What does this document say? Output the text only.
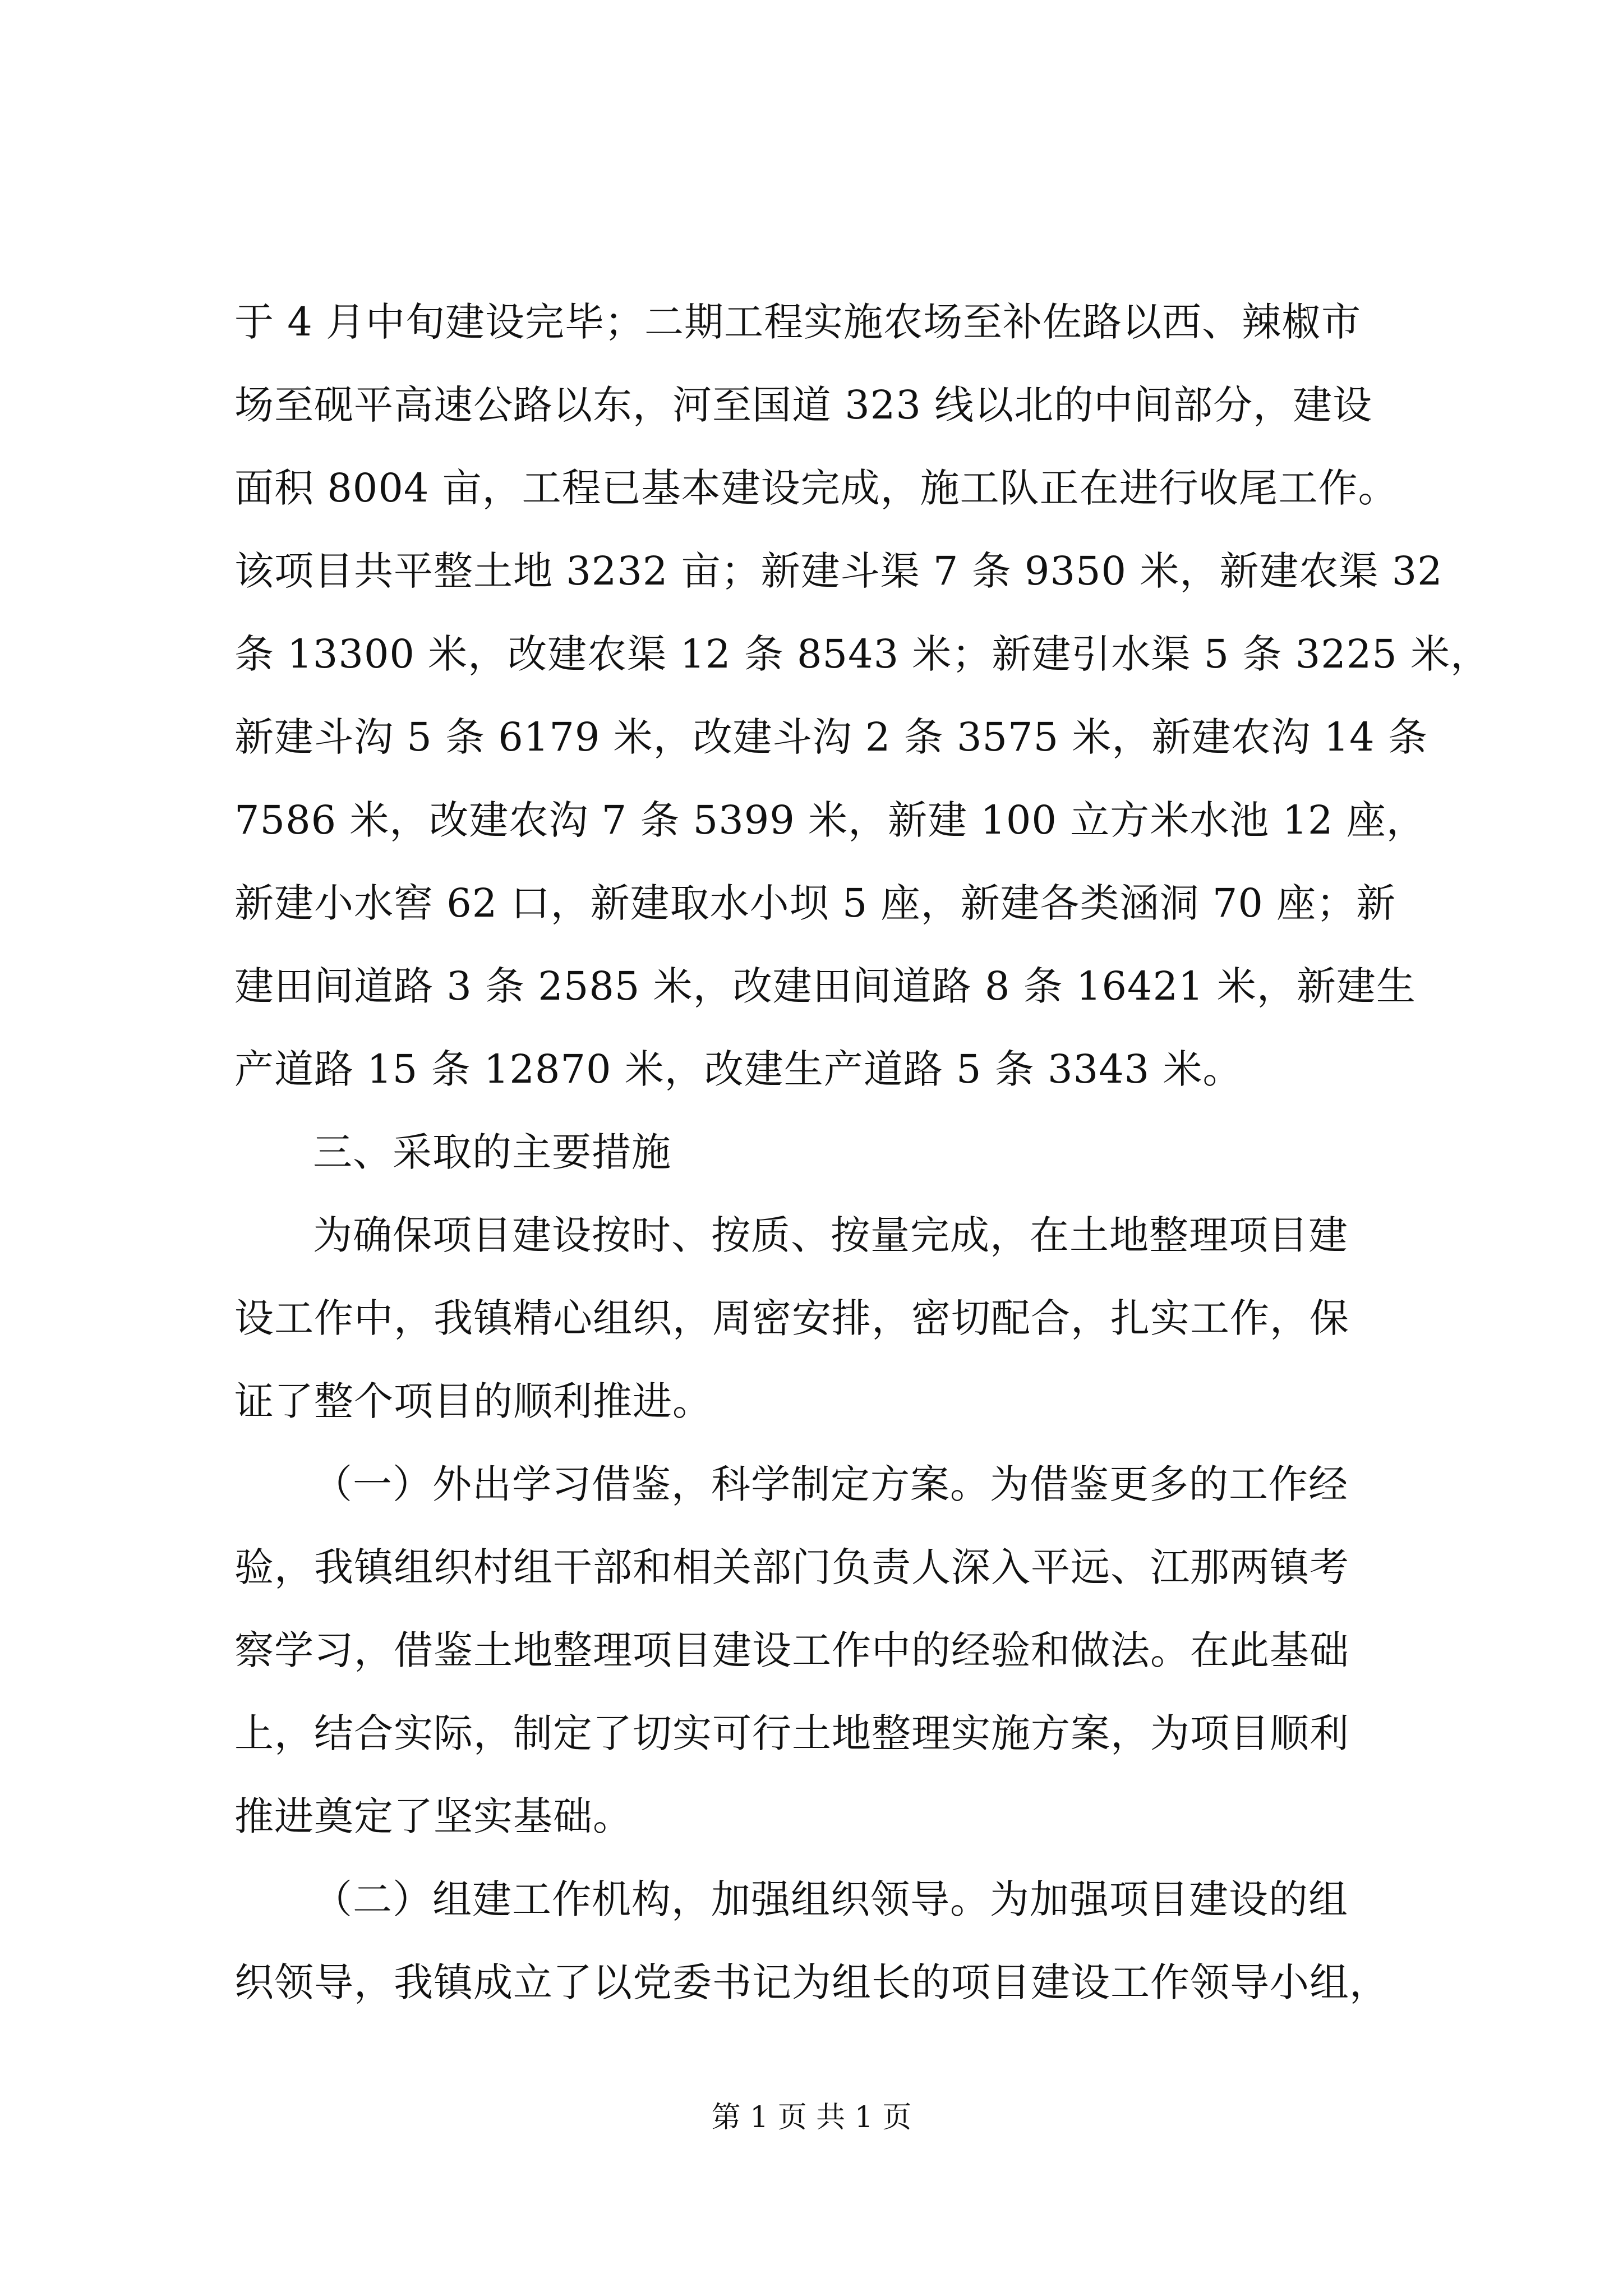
于 4 月中旬建设完毕；二期工程实施农场至补佐路以西、辣椒市
场至砚平高速公路以东，河至国道 323 线以北的中间部分，建设
面积 8004 亩，工程已基本建设完成，施工队正在进行收尾工作。
该项目共平整土地 3232 亩；新建斗渠 7 条 9350 米，新建农渠 32
条 13300 米，改建农渠 12 条 8543 米；新建引水渠 5 条 3225 米，
新建斗沟 5 条 6179 米，改建斗沟 2 条 3575 米，新建农沟 14 条
7586 米，改建农沟 7 条 5399 米，新建 100 立方米水池 12 座，
新建小水窖 62 口，新建取水小坝 5 座，新建各类涵洞 70 座；新
建田间道路 3 条 2585 米，改建田间道路 8 条 16421 米，新建生
产道路 15 条 12870 米，改建生产道路 5 条 3343 米。
三、采取的主要措施
为确保项目建设按时、按质、按量完成，在土地整理项目建
设工作中，我镇精心组织，周密安排，密切配合，扎实工作，保
证了整个项目的顺利推进。
（一）外出学习借鉴，科学制定方案。为借鉴更多的工作经
验，我镇组织村组干部和相关部门负责人深入平远、江那两镇考
察学习，借鉴土地整理项目建设工作中的经验和做法。在此基础
上，结合实际，制定了切实可行土地整理实施方案，为项目顺利
推进奠定了坚实基础。
（二）组建工作机构，加强组织领导。为加强项目建设的组
织领导，我镇成立了以党委书记为组长的项目建设工作领导小组，
第 1 页 共 1 页
